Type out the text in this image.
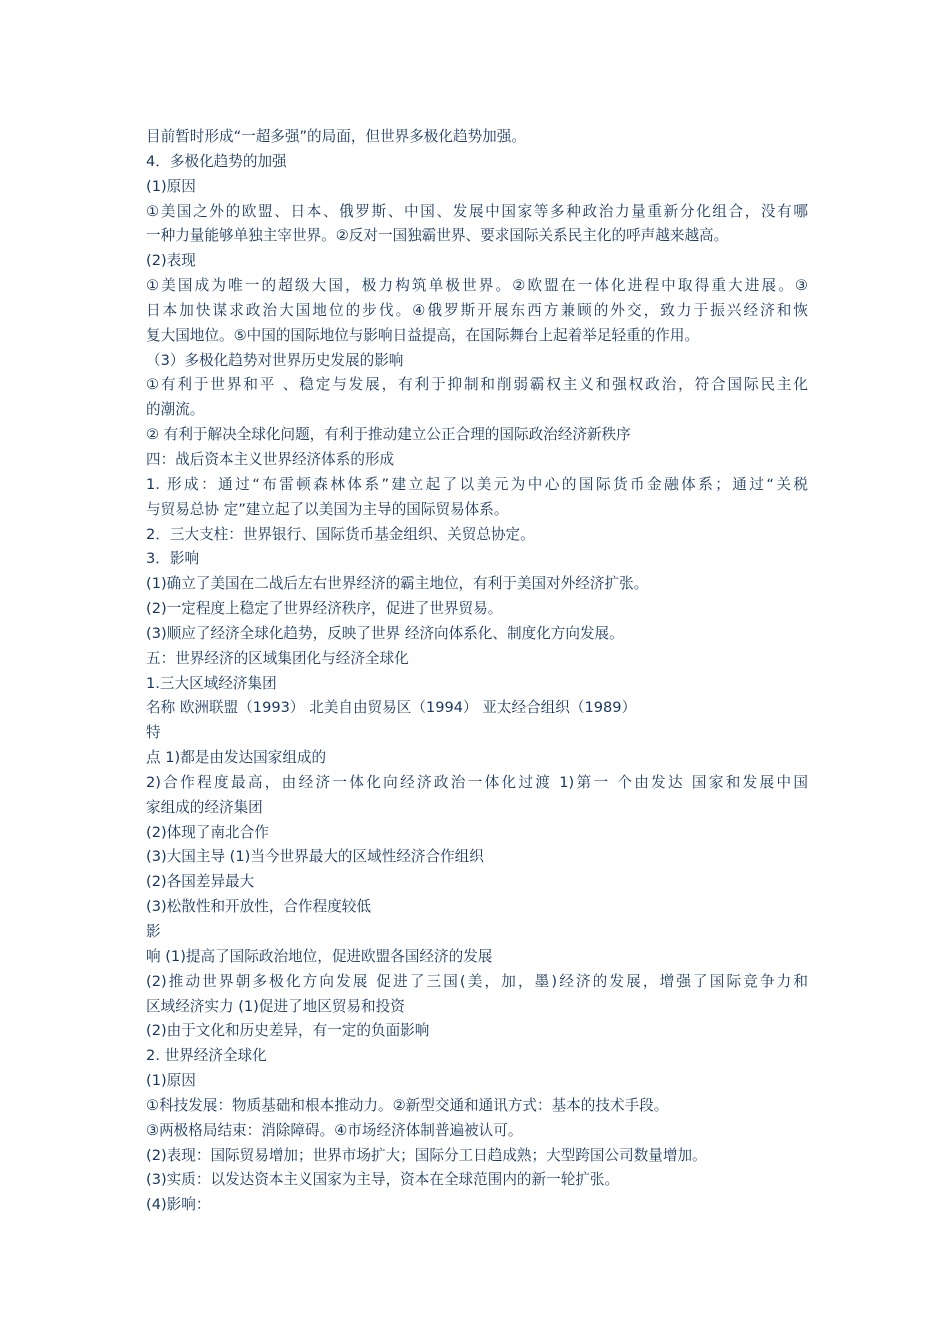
目前暂时形成“一超多强”的局面，但世界多极化趋势加强。
4．多极化趋势的加强
(1)原因
①美国之外的欧盟、日本、俄罗斯、中国、发展中国家等多种政治力量重新分化组合，没有哪
一种力量能够单独主宰世界。②反对一国独霸世界、要求国际关系民主化的呼声越来越高。
(2)表现
①美国成为唯一的超级大国，极力构筑单极世界。②欧盟在一体化进程中取得重大进展。③
日本加快谋求政治大国地位的步伐。④俄罗斯开展东西方兼顾的外交，致力于振兴经济和恢
复大国地位。⑤中国的国际地位与影响日益提高，在国际舞台上起着举足轻重的作用。
（3）多极化趋势对世界历史发展的影响
①有利于世界和平 、稳定与发展，有利于抑制和削弱霸权主义和强权政治，符合国际民主化
的潮流。
② 有利于解决全球化问题，有利于推动建立公正合理的国际政治经济新秩序
四：战后资本主义世界经济体系的形成
1. 形成：通过“布雷顿森林体系”建立起了以美元为中心的国际货币金融体系；通过“关税
与贸易总协 定”建立起了以美国为主导的国际贸易体系。
2．三大支柱：世界银行、国际货币基金组织、关贸总协定。
3．影响
(1)确立了美国在二战后左右世界经济的霸主地位，有利于美国对外经济扩张。
(2)一定程度上稳定了世界经济秩序，促进了世界贸易。
(3)顺应了经济全球化趋势，反映了世界 经济向体系化、制度化方向发展。
五：世界经济的区域集团化与经济全球化
1.三大区域经济集团
名称 欧洲联盟（1993） 北美自由贸易区（1994） 亚太经合组织（1989）
特
点 1)都是由发达国家组成的
2)合作程度最高，由经济一体化向经济政治一体化过渡 1)第一 个由发达 国家和发展中国
家组成的经济集团
(2)体现了南北合作
(3)大国主导 (1)当今世界最大的区域性经济合作组织
(2)各国差异最大
(3)松散性和开放性，合作程度较低
影
响 (1)提高了国际政治地位，促进欧盟各国经济的发展
(2)推动世界朝多极化方向发展 促进了三国(美，加，墨)经济的发展，增强了国际竞争力和
区域经济实力 (1)促进了地区贸易和投资
(2)由于文化和历史差异，有一定的负面影响
2. 世界经济全球化
(1)原因
①科技发展：物质基础和根本推动力。②新型交通和通讯方式：基本的技术手段。
③两极格局结束：消除障碍。④市场经济体制普遍被认可。
(2)表现：国际贸易增加；世界市场扩大；国际分工日趋成熟；大型跨国公司数量增加。
(3)实质：以发达资本主义国家为主导，资本在全球范围内的新一轮扩张。
(4)影响：
